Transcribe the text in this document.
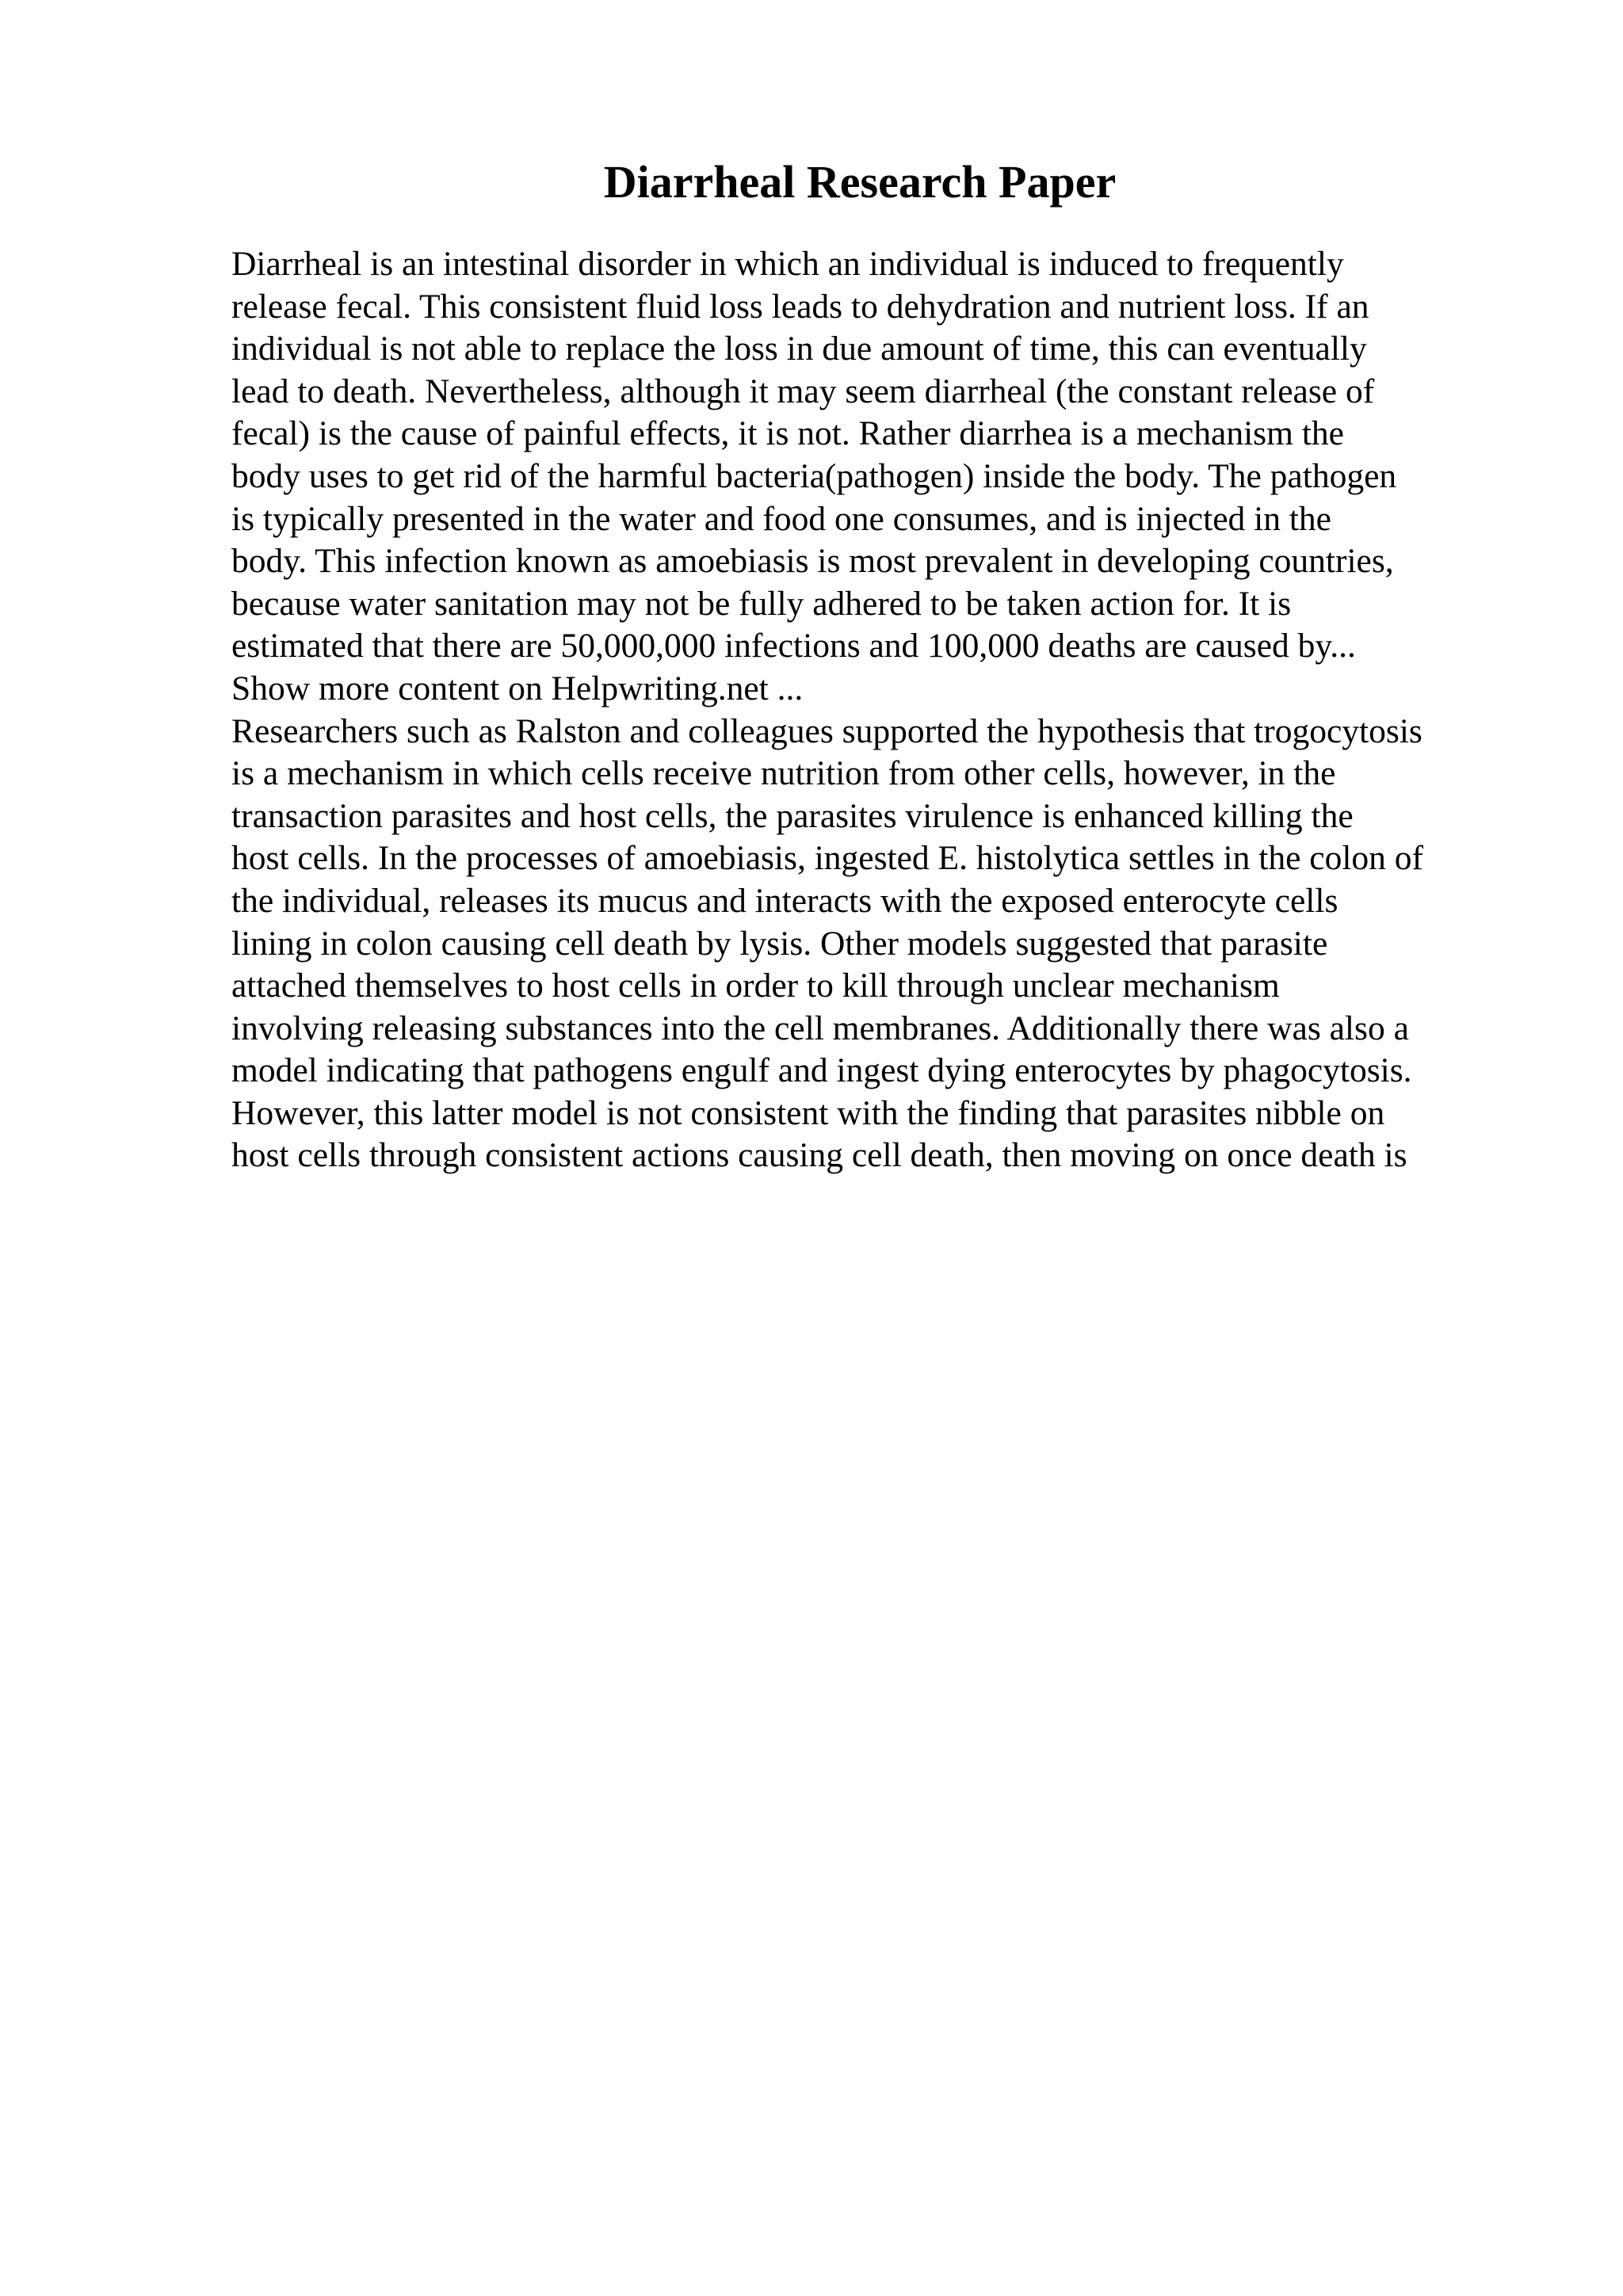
Diarrheal Research Paper
Diarrheal is an intestinal disorder in which an individual is induced to frequently
release fecal. This consistent fluid loss leads to dehydration and nutrient loss. If an
individual is not able to replace the loss in due amount of time, this can eventually
lead to death. Nevertheless, although it may seem diarrheal (the constant release of
fecal) is the cause of painful effects, it is not. Rather diarrhea is a mechanism the
body uses to get rid of the harmful bacteria(pathogen) inside the body. The pathogen
is typically presented in the water and food one consumes, and is injected in the
body. This infection known as amoebiasis is most prevalent in developing countries,
because water sanitation may not be fully adhered to be taken action for. It is
estimated that there are 50,000,000 infections and 100,000 deaths are caused by...
Show more content on Helpwriting.net ...
Researchers such as Ralston and colleagues supported the hypothesis that trogocytosis
is a mechanism in which cells receive nutrition from other cells, however, in the
transaction parasites and host cells, the parasites virulence is enhanced killing the
host cells. In the processes of amoebiasis, ingested E. histolytica settles in the colon of
the individual, releases its mucus and interacts with the exposed enterocyte cells
lining in colon causing cell death by lysis. Other models suggested that parasite
attached themselves to host cells in order to kill through unclear mechanism
involving releasing substances into the cell membranes. Additionally there was also a
model indicating that pathogens engulf and ingest dying enterocytes by phagocytosis.
However, this latter model is not consistent with the finding that parasites nibble on
host cells through consistent actions causing cell death, then moving on once death is
